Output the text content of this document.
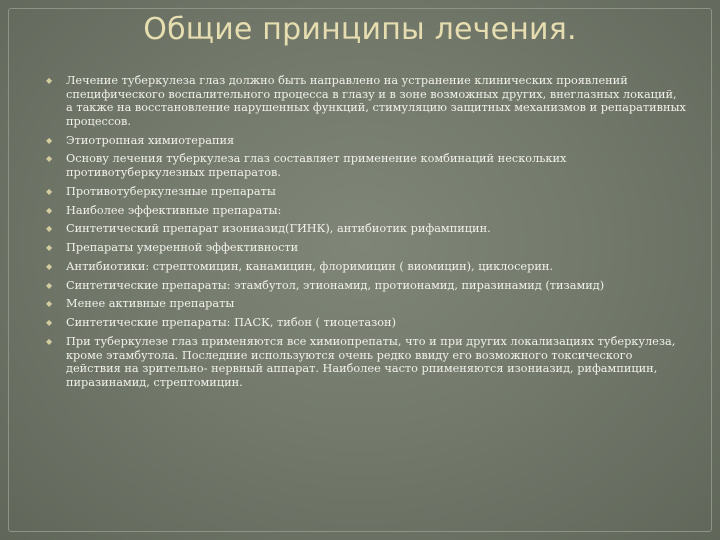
Общие принципы лечения.
◆ Лечение туберкулеза глаз должно быть направлено на устранение клинических проявлений специфического воспалительного процесса в глазу и в зоне возможных других, внеглазных локаций, а также на восстановление нарушенных функций, стимуляцию защитных механизмов и репаративных процессов.
◆ Этиотропная химиотерапия
◆ Основу лечения туберкулеза глаз составляет применение комбинаций нескольких противотуберкулезных препаратов.
◆ Противотуберкулезные препараты
◆ Наиболее эффективные препараты:
◆ Синтетический препарат изониазид(ГИНК), антибиотик рифампицин.
◆ Препараты умеренной эффективности
◆ Антибиотики: стрептомицин, канамицин, флоримицин ( виомицин), циклосерин.
◆ Синтетические препараты: этамбутол, этионамид, протионамид, пиразинамид (тизамид)
◆ Менее активные препараты
◆ Синтетические препараты: ПАСК, тибон ( тиоцетазон)
◆ При туберкулезе глаз применяются все химиопрепаты, что и при других локализациях туберкулеза, кроме этамбутола. Последние используются очень редко ввиду его возможного токсического действия на зрительно- нервный аппарат. Наиболее часто рпименяются изониазид, рифампицин, пиразинамид, стрептомицин.
